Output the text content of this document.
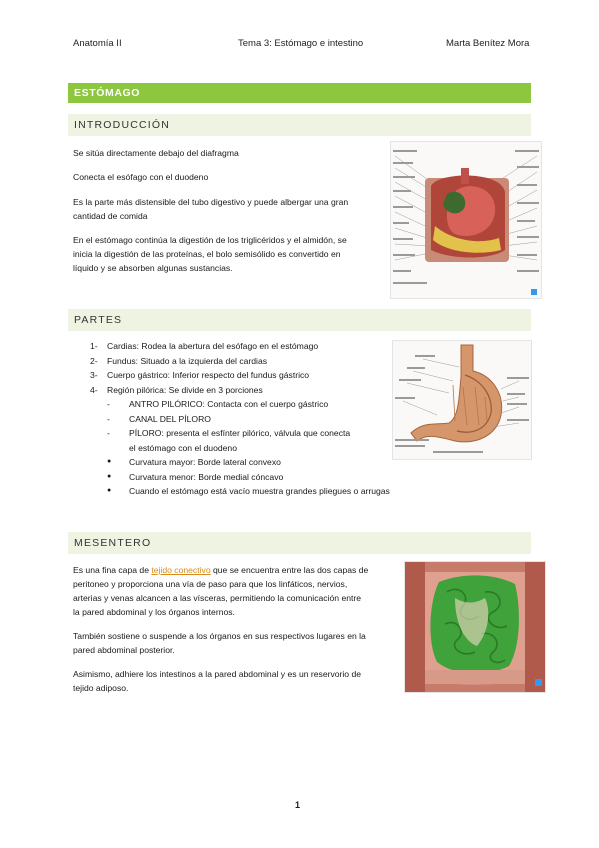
Anatomía II	Tema 3: Estómago e intestino	Marta Benítez Mora
ESTÓMAGO
INTRODUCCIÓN
Se sitúa directamente debajo del diafragma
Conecta el esófago con el duodeno
Es la parte más distensible del tubo digestivo y puede albergar una gran
cantidad de comida
En el estómago continúa la digestión de los triglicéridos y el almidón, se
inicia la digestión de las proteínas, el bolo semisólido es convertido en
líquido y se absorben algunas sustancias.
PARTES
1-	Cardias: Rodea la abertura del esófago en el estómago
2-	Fundus: Situado a la izquierda del cardias
3-	Cuerpo gástrico: Inferior respecto del fundus gástrico
4-	Región pilórica: Se divide en 3 porciones
-	ANTRO PILÓRICO: Contacta con el cuerpo gástrico
-	CANAL DEL PÍLORO
-	PÍLORO: presenta el esfínter pilórico, válvula que conecta
el estómago con el duodeno
●	Curvatura mayor: Borde lateral convexo
●	Curvatura menor: Borde medial cóncavo
●	Cuando el estómago está vacío muestra grandes pliegues o arrugas
MESENTERO
Es una fina capa de tejido conectivo que se encuentra entre las dos capas de
peritoneo y proporciona una vía de paso para que los linfáticos, nervios,
arterias y venas alcancen a las vísceras, permitiendo la comunicación entre
la pared abdominal y los órganos internos.
También sostiene o suspende a los órganos en sus respectivos lugares en la
pared abdominal posterior.
Asimismo, adhiere los intestinos a la pared abdominal y es un reservorio de
tejido adiposo.
1
